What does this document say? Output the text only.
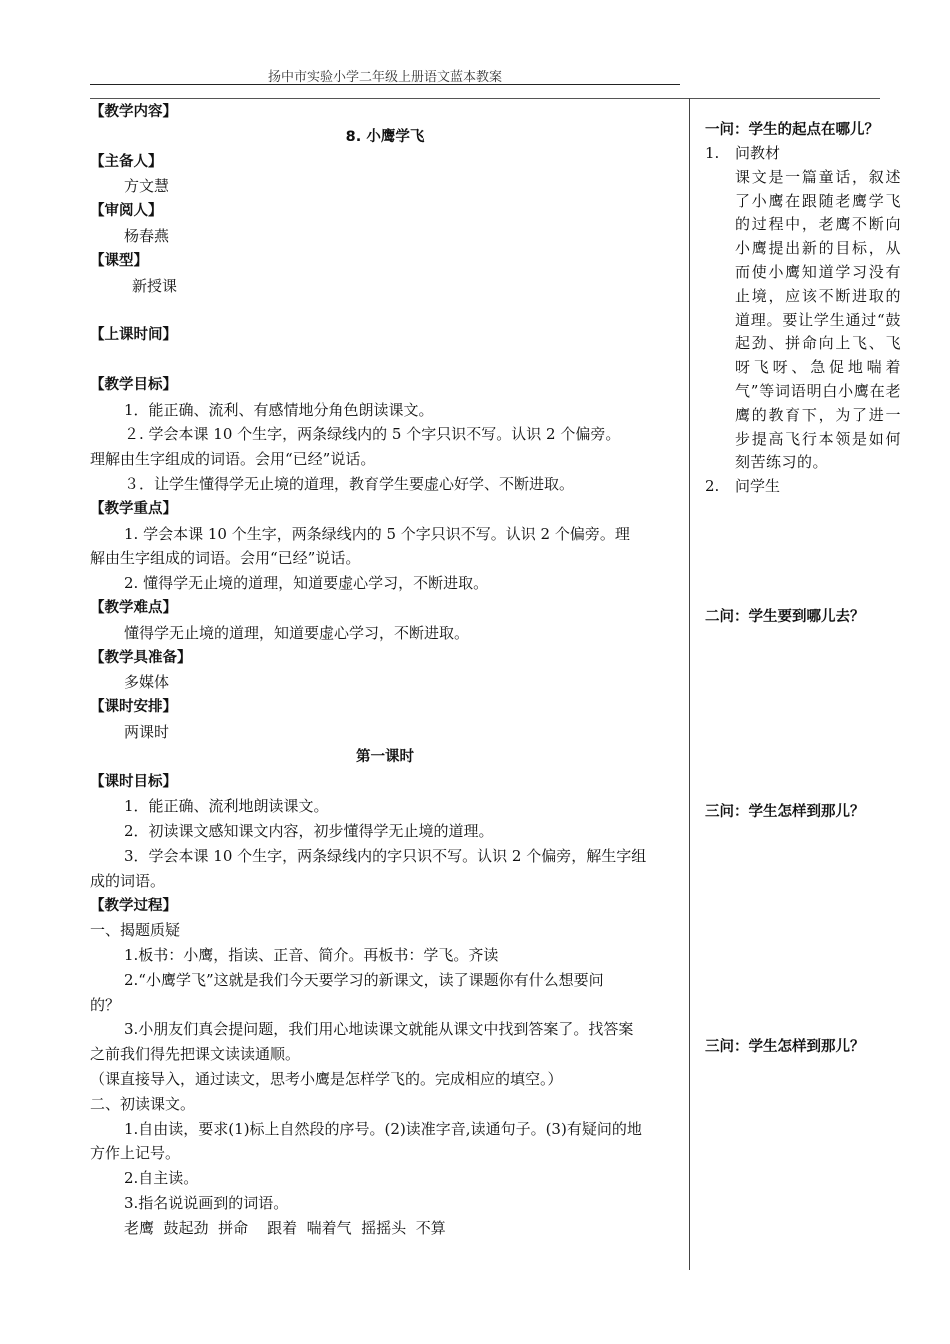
扬中市实验小学二年级上册语文蓝本教案
【教学内容】
8. 小鹰学飞
【主备人】
方文慧
【审阅人】
杨春燕
【课型】
新授课
【上课时间】
【教学目标】
1．能正确、流利、有感情地分角色朗读课文。
２. 学会本课 10 个生字，两条绿线内的 5 个字只识不写。认识 2 个偏旁。
理解由生字组成的词语。会用“已经”说话。
３．让学生懂得学无止境的道理，教育学生要虚心好学、不断进取。
【教学重点】
1. 学会本课 10 个生字，两条绿线内的 5 个字只识不写。认识 2 个偏旁。理
解由生字组成的词语。会用“已经”说话。
2. 懂得学无止境的道理，知道要虚心学习，不断进取。
【教学难点】
懂得学无止境的道理，知道要虚心学习，不断进取。
【教学具准备】
多媒体
【课时安排】
两课时
第一课时
【课时目标】
1．能正确、流利地朗读课文。
2．初读课文感知课文内容，初步懂得学无止境的道理。
3．学会本课 10 个生字，两条绿线内的字只识不写。认识 2 个偏旁，解生字组
成的词语。
【教学过程】
一、揭题质疑
1.板书：小鹰，指读、正音、简介。再板书：学飞。齐读
2.“小鹰学飞”这就是我们今天要学习的新课文，读了课题你有什么想要问
的？
3.小朋友们真会提问题，我们用心地读课文就能从课文中找到答案了。找答案
之前我们得先把课文读读通顺。
（课直接导入，通过读文，思考小鹰是怎样学飞的。完成相应的填空。）
二、初读课文。
1.自由读，要求(1)标上自然段的序号。(2)读准字音,读通句子。(3)有疑问的地
方作上记号。
2.自主读。
3.指名说说画到的词语。
老鹰  鼓起劲  拼命    跟着  喘着气  摇摇头  不算
一问：学生的起点在哪儿？
二问：学生要到哪儿去？
三问：学生怎样到那儿？
三问：学生怎样到那儿？
1. 问教材
课文是一篇童话，叙述了小鹰在跟随老鹰学飞的过程中，老鹰不断向小鹰提出新的目标，从而使小鹰知道学习没有止境，应该不断进取的道理。要让学生通过“鼓起劲、拼命向上飞、飞呀飞呀、急促地喘着气”等词语明白小鹰在老鹰的教育下，为了进一步提高飞行本领是如何刻苦练习的。
2. 问学生
